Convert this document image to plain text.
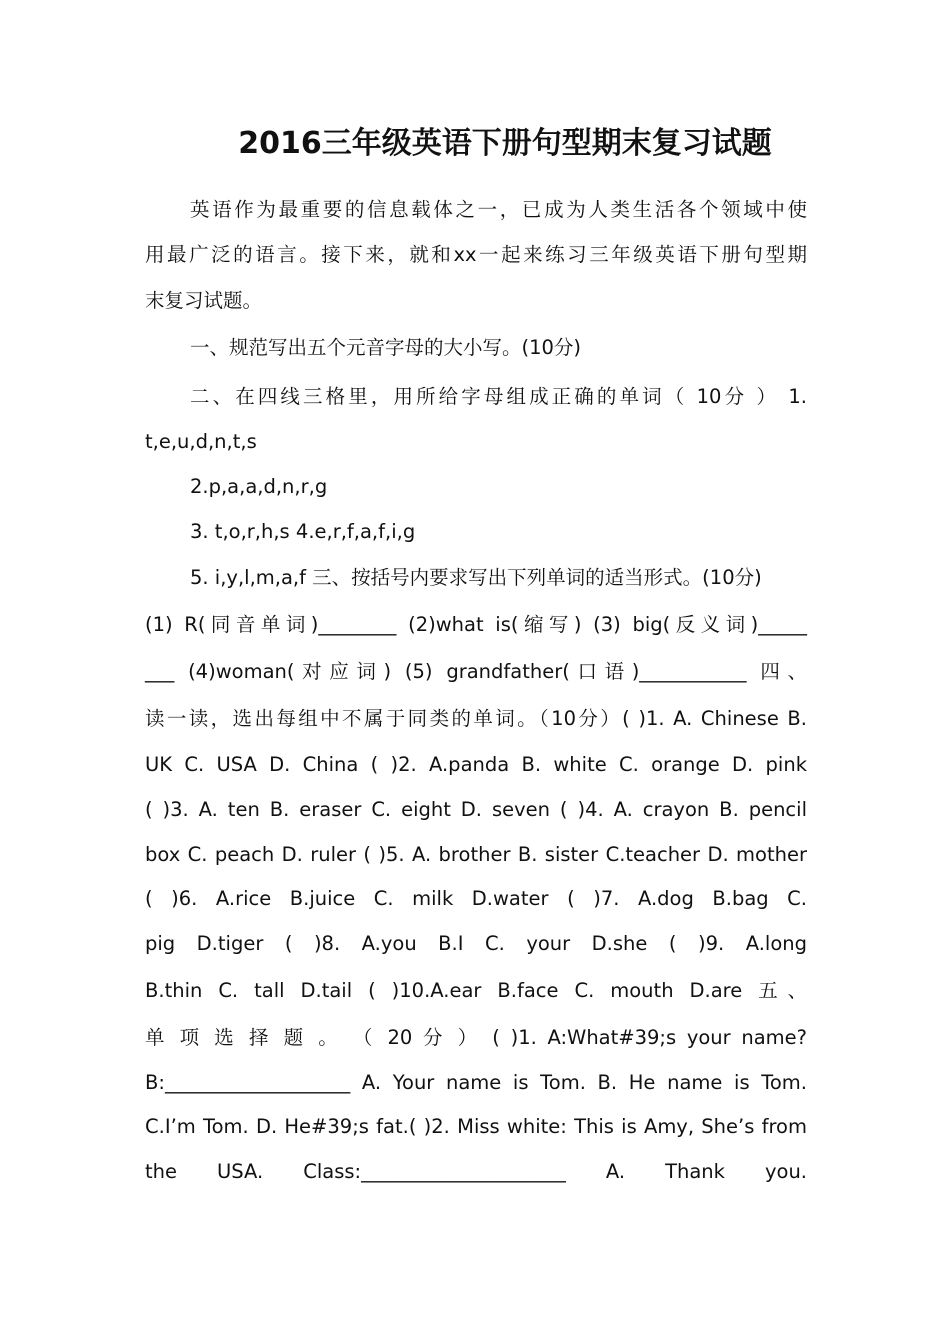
2016三年级英语下册句型期末复习试题
英语作为最重要的信息载体之一，已成为人类生活各个领域中使
用最广泛的语言。接下来，就和xx一起来练习三年级英语下册句型期
末复习试题。
一、规范写出五个元音字母的大小写。(10分)
二、在四线三格里，用所给字母组成正确的单词（ 10分 ） 1.
t,e,u,d,n,t,s
2.p,a,a,d,n,r,g
3. t,o,r,h,s 4.e,r,f,a,f,i,g
5. i,y,l,m,a,f 三、按括号内要求写出下列单词的适当形式。(10分)
(1) R(同音单词)________ (2)what is(缩写) (3) big(反义词)_____
___ (4)woman(对应词) (5) grandfather(口语)___________ 四、
读一读，选出每组中不属于同类的单词。（10分）( )1. A. Chinese B.
UK C. USA D. China ( )2. A.panda B. white C. orange D. pink
( )3. A. ten B. eraser C. eight D. seven ( )4. A. crayon B. pencil
box C. peach D. ruler ( )5. A. brother B. sister C.teacher D. mother
( )6. A.rice B.juice C. milk D.water ( )7. A.dog B.bag C.
pig D.tiger ( )8. A.you B.I C. your D.she ( )9. A.long
B.thin C. tall D.tail ( )10.A.ear B.face C. mouth D.are 五、
单 项 选 择 题 。 （ 20 分 ） ( )1. A:What#39;s your name?
B:___________________ A. Your name is Tom. B. He name is Tom.
C.I’m Tom. D. He#39;s fat.( )2. Miss white: This is Amy, She’s from
the USA. Class:_____________________ A. Thank you.
